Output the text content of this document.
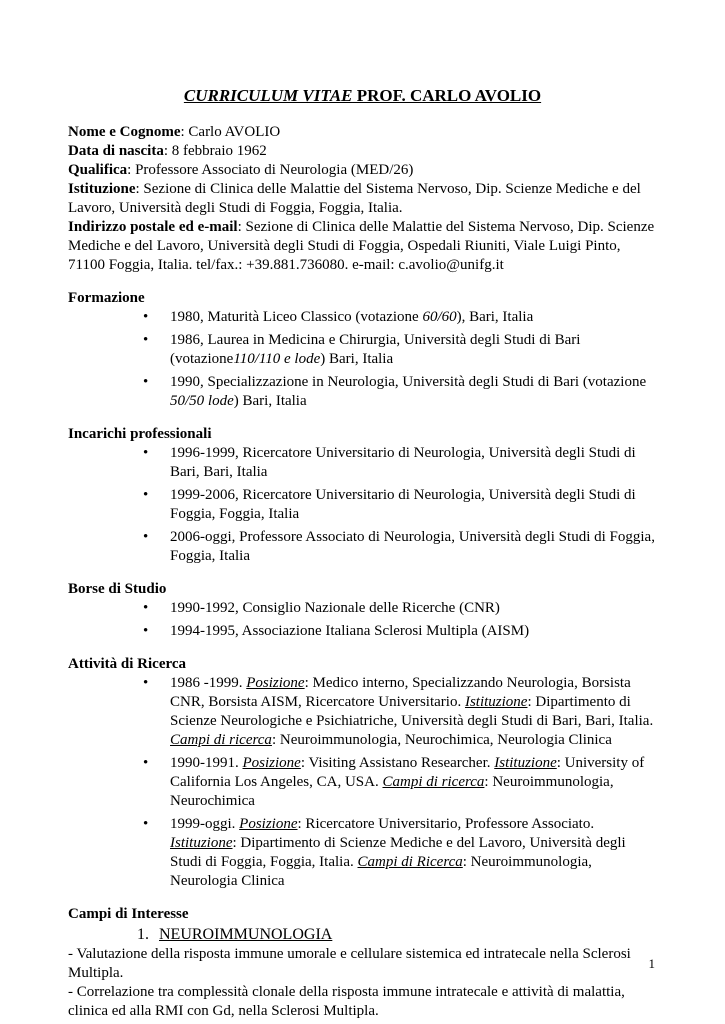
CURRICULUM VITAE PROF. CARLO AVOLIO

Nome e Cognome: Carlo AVOLIO

Data di nascita: 8 febbraio 1962

Qualifica: Professore Associato di Neurologia (MED/26)

Istituzione: Sezione di Clinica delle Malattie del Sistema Nervoso, Dip. Scienze Mediche e del Lavoro, Università degli Studi di Foggia, Foggia, Italia.

Indirizzo postale ed e-mail: Sezione di Clinica delle Malattie del Sistema Nervoso, Dip. Scienze Mediche e del Lavoro, Università degli Studi di Foggia, Ospedali Riuniti, Viale Luigi Pinto, 71100 Foggia, Italia. tel/fax.: +39.881.736080. e-mail: c.avolio@unifg.it

Formazione

•	1980, Maturità Liceo Classico (votazione 60/60), Bari, Italia
•	1986, Laurea in Medicina e Chirurgia, Università degli Studi di Bari (votazione110/110 e lode) Bari, Italia
•	1990, Specializzazione in Neurologia, Università degli Studi di Bari (votazione 50/50 lode) Bari, Italia

Incarichi professionali

•	1996-1999, Ricercatore Universitario di Neurologia, Università degli Studi di Bari, Bari, Italia
•	1999-2006, Ricercatore Universitario di Neurologia, Università degli Studi di Foggia, Foggia, Italia
•	2006-oggi, Professore Associato di Neurologia, Università degli Studi di Foggia, Foggia, Italia

Borse di Studio

•	1990-1992, Consiglio Nazionale delle Ricerche (CNR)
•	1994-1995, Associazione Italiana Sclerosi Multipla (AISM)

Attività di Ricerca

•	1986 -1999. Posizione: Medico interno, Specializzando Neurologia, Borsista CNR, Borsista AISM, Ricercatore Universitario. Istituzione: Dipartimento di Scienze Neurologiche e Psichiatriche, Università degli Studi di Bari, Bari, Italia. Campi di ricerca: Neuroimmunologia, Neurochimica, Neurologia Clinica
•	1990-1991. Posizione: Visiting Assistano Researcher. Istituzione: University of California Los Angeles, CA, USA. Campi di ricerca: Neuroimmunologia, Neurochimica
•	1999-oggi. Posizione: Ricercatore Universitario, Professore Associato. Istituzione: Dipartimento di Scienze Mediche e del Lavoro, Università degli Studi di Foggia, Foggia, Italia. Campi di Ricerca: Neuroimmunologia, Neurologia Clinica

Campi di Interesse

1. NEUROIMMUNOLOGIA

- Valutazione della risposta immune umorale e cellulare sistemica ed intratecale nella Sclerosi Multipla.

- Correlazione tra complessità clonale della risposta immune intratecale e attività di malattia, clinica ed alla RMI con Gd, nella Sclerosi Multipla.

1
